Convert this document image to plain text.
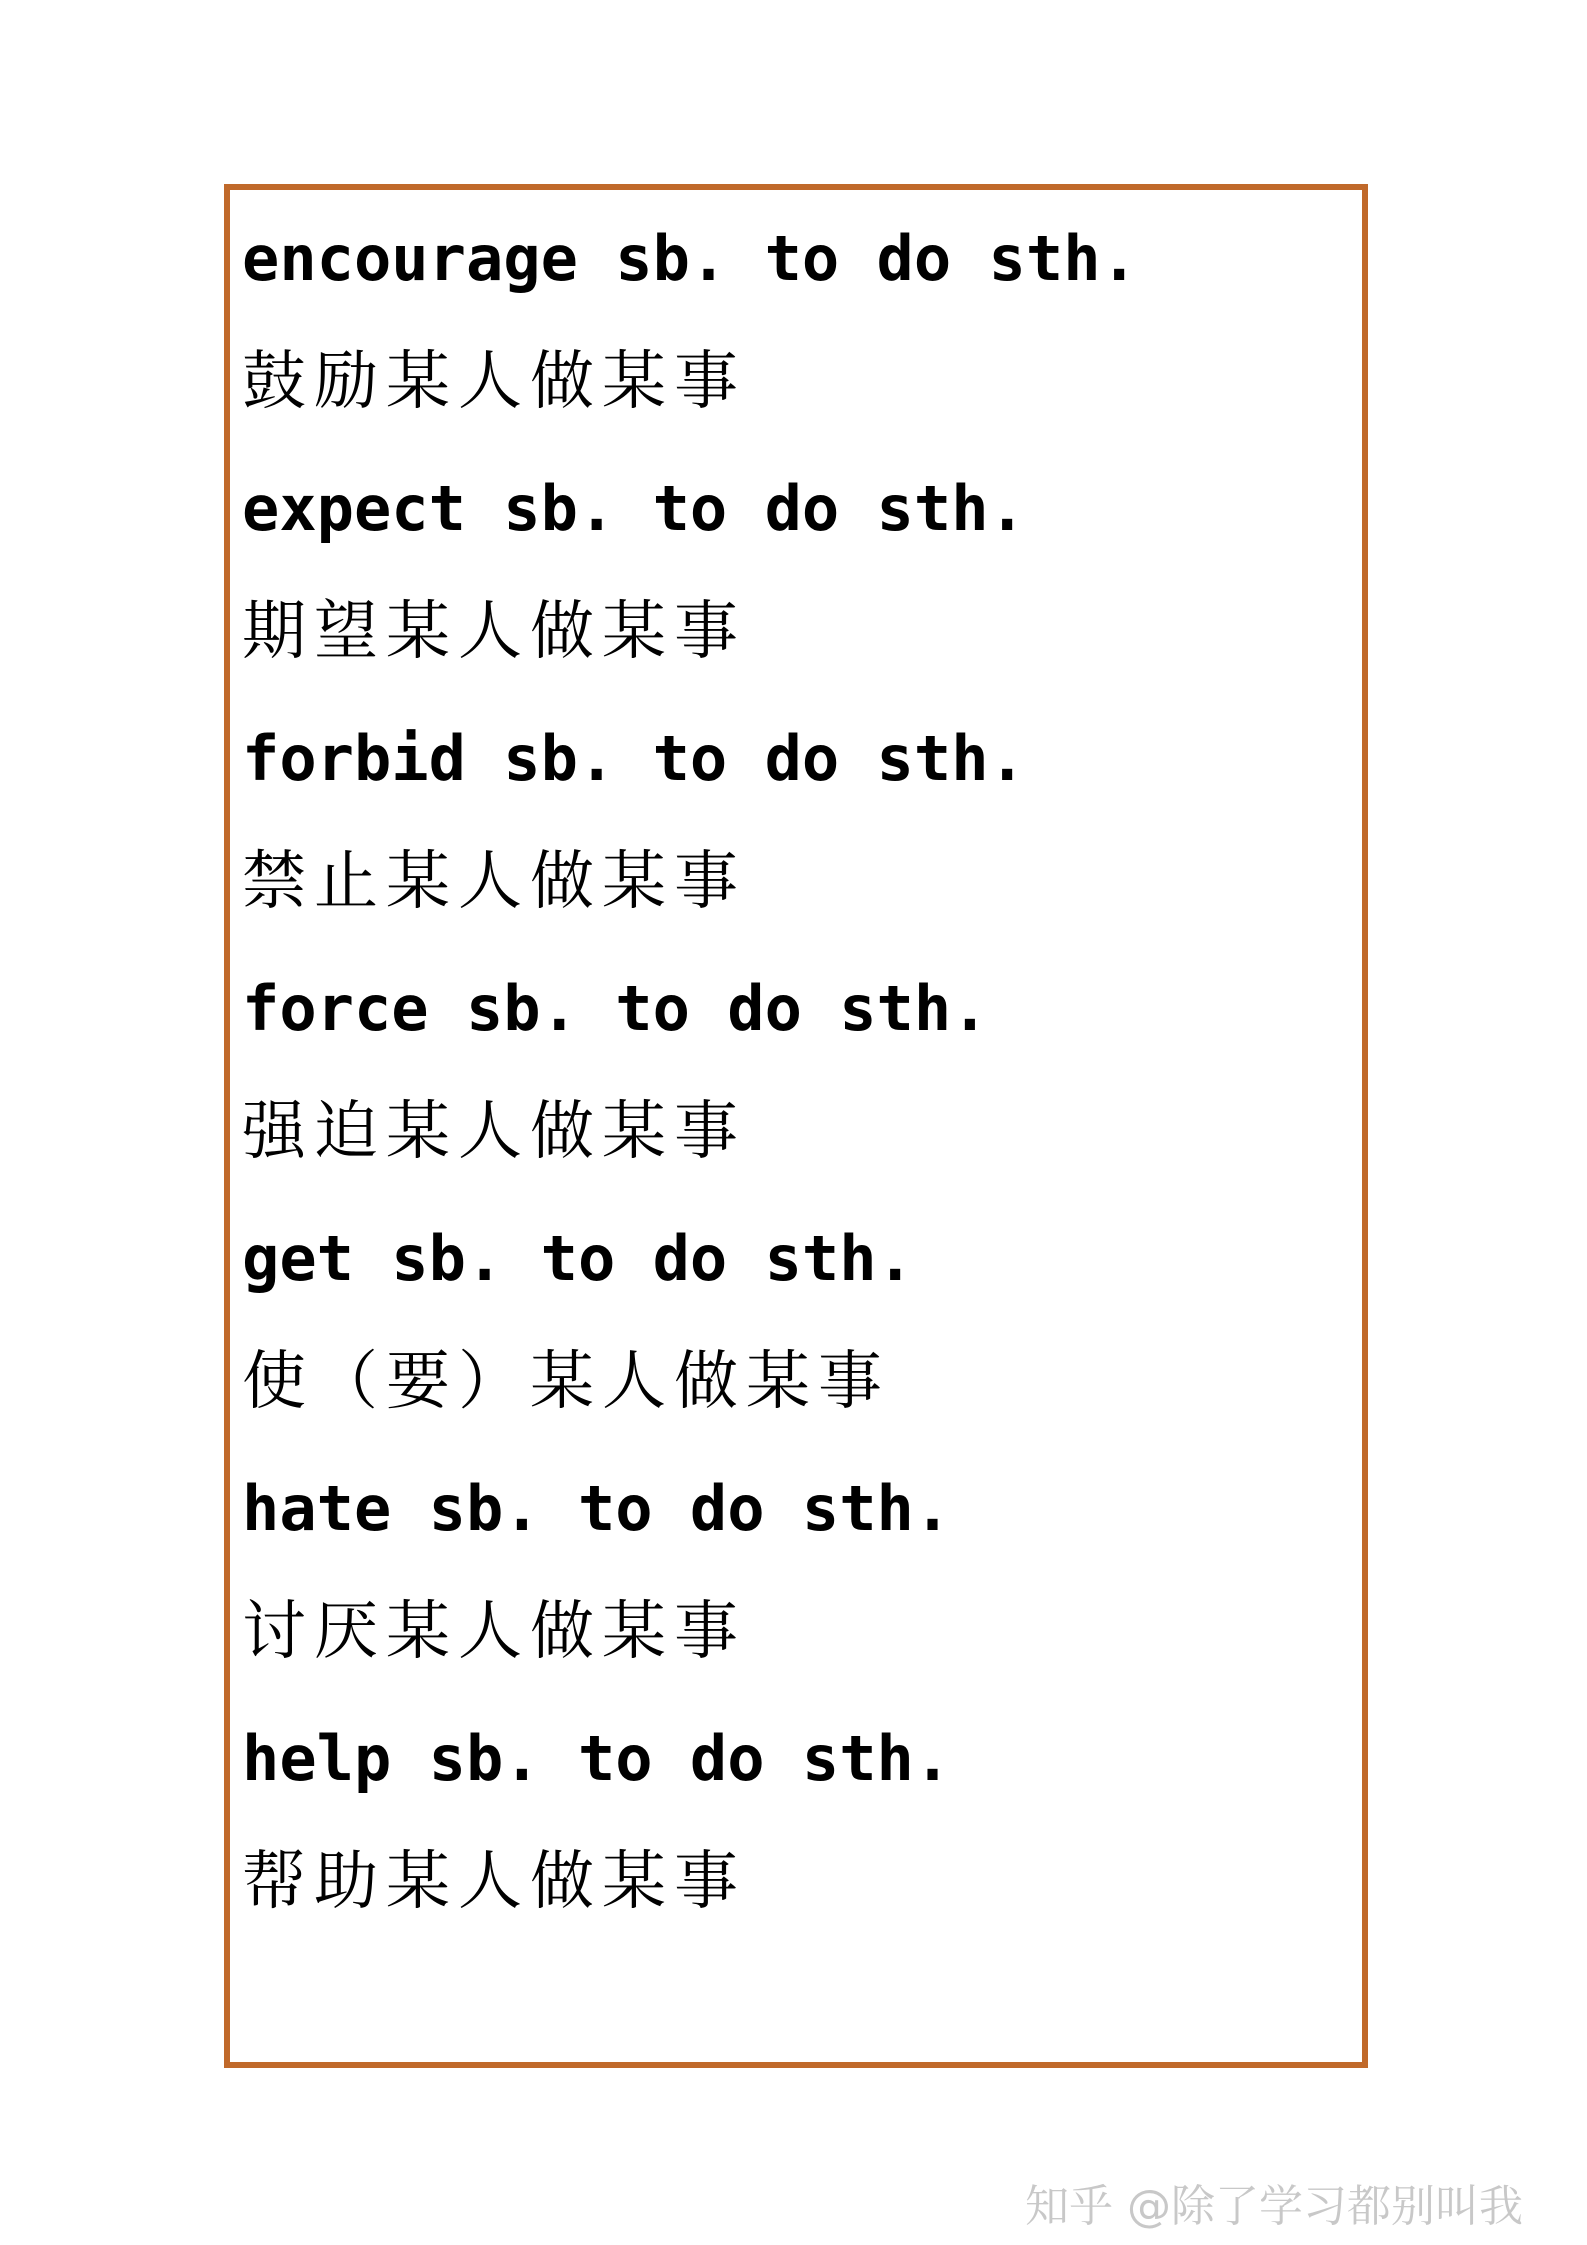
encourage sb. to do sth.
鼓励某人做某事
expect sb. to do sth.
期望某人做某事
forbid sb. to do sth.
禁止某人做某事
force sb. to do sth.
强迫某人做某事
get sb. to do sth.
使（要）某人做某事
hate sb. to do sth.
讨厌某人做某事
help sb. to do sth.
帮助某人做某事
知乎 @除了学习都别叫我
